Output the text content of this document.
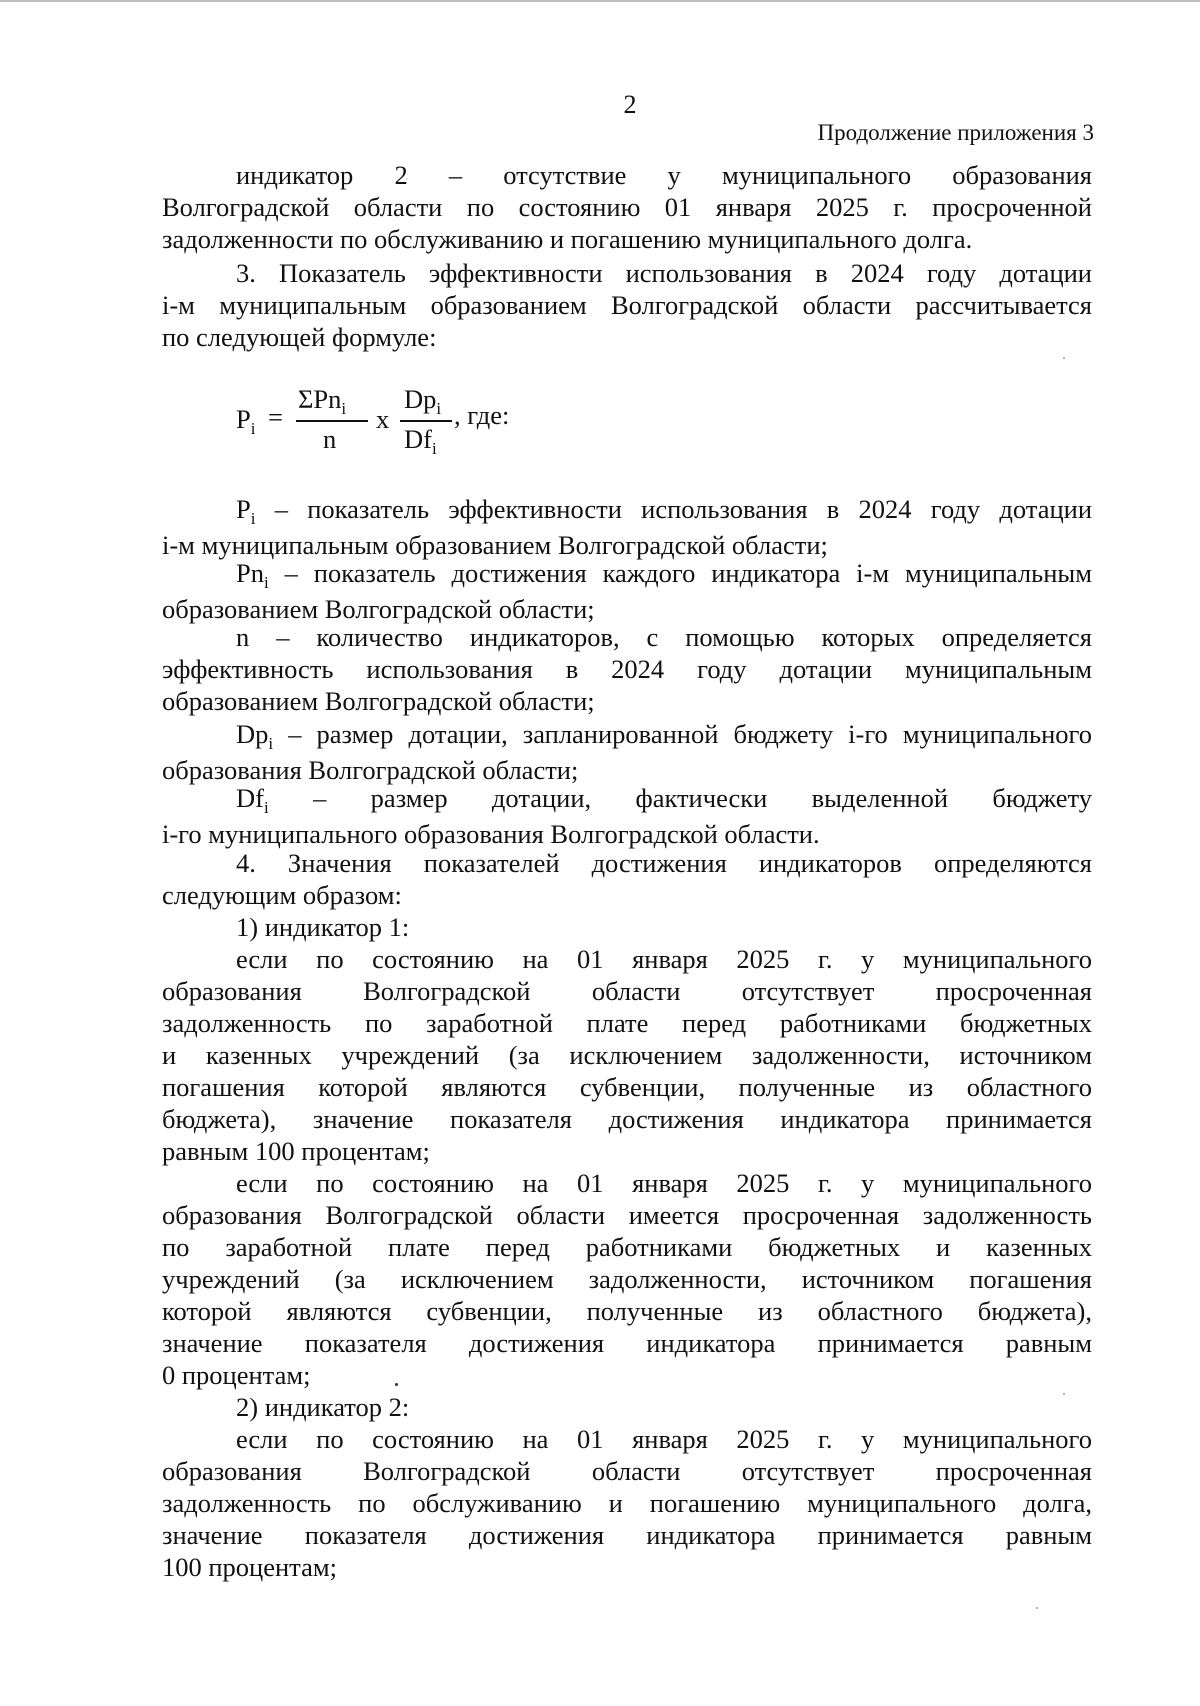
2
Продолжение приложения 3
индикатор 2 – отсутствие у муниципального образования
Волгоградской области по состоянию 01 января 2025 г. просроченной
задолженности по обслуживанию и погашению муниципального долга.
3. Показатель эффективности использования в 2024 году дотации
i-м муниципальным образованием Волгоградской области рассчитывается
по следующей формуле:
$P_i$ =
ΣPn$_i$
n
x
$Dp_i$
$Df_i$
, где:
$P_i$ – показатель эффективности использования в 2024 году дотации
i-м муниципальным образованием Волгоградской области;
$Pn_i$ – показатель достижения каждого индикатора i-м муниципальным
образованием Волгоградской области;
n – количество индикаторов, с помощью которых определяется
эффективность использования в 2024 году дотации муниципальным
образованием Волгоградской области;
$Dp_i$ – размер дотации, запланированной бюджету i-го муниципального
образования Волгоградской области;
$Df_i$ – размер дотации, фактически выделенной бюджету
i-го муниципального образования Волгоградской области.
4. Значения показателей достижения индикаторов определяются
следующим образом:
1) индикатор 1:
если по состоянию на 01 января 2025 г. у муниципального
образования Волгоградской области отсутствует просроченная
задолженность по заработной плате перед работниками бюджетных
и казенных учреждений (за исключением задолженности, источником
погашения которой являются субвенции, полученные из областного
бюджета), значение показателя достижения индикатора принимается
равным 100 процентам;
если по состоянию на 01 января 2025 г. у муниципального
образования Волгоградской области имеется просроченная задолженность
по заработной плате перед работниками бюджетных и казенных
учреждений (за исключением задолженности, источником погашения
которой являются субвенции, полученные из областного бюджета),
значение показателя достижения индикатора принимается равным
0 процентам;
2) индикатор 2:
если по состоянию на 01 января 2025 г. у муниципального
образования Волгоградской области отсутствует просроченная
задолженность по обслуживанию и погашению муниципального долга,
значение показателя достижения индикатора принимается равным
100 процентам;
